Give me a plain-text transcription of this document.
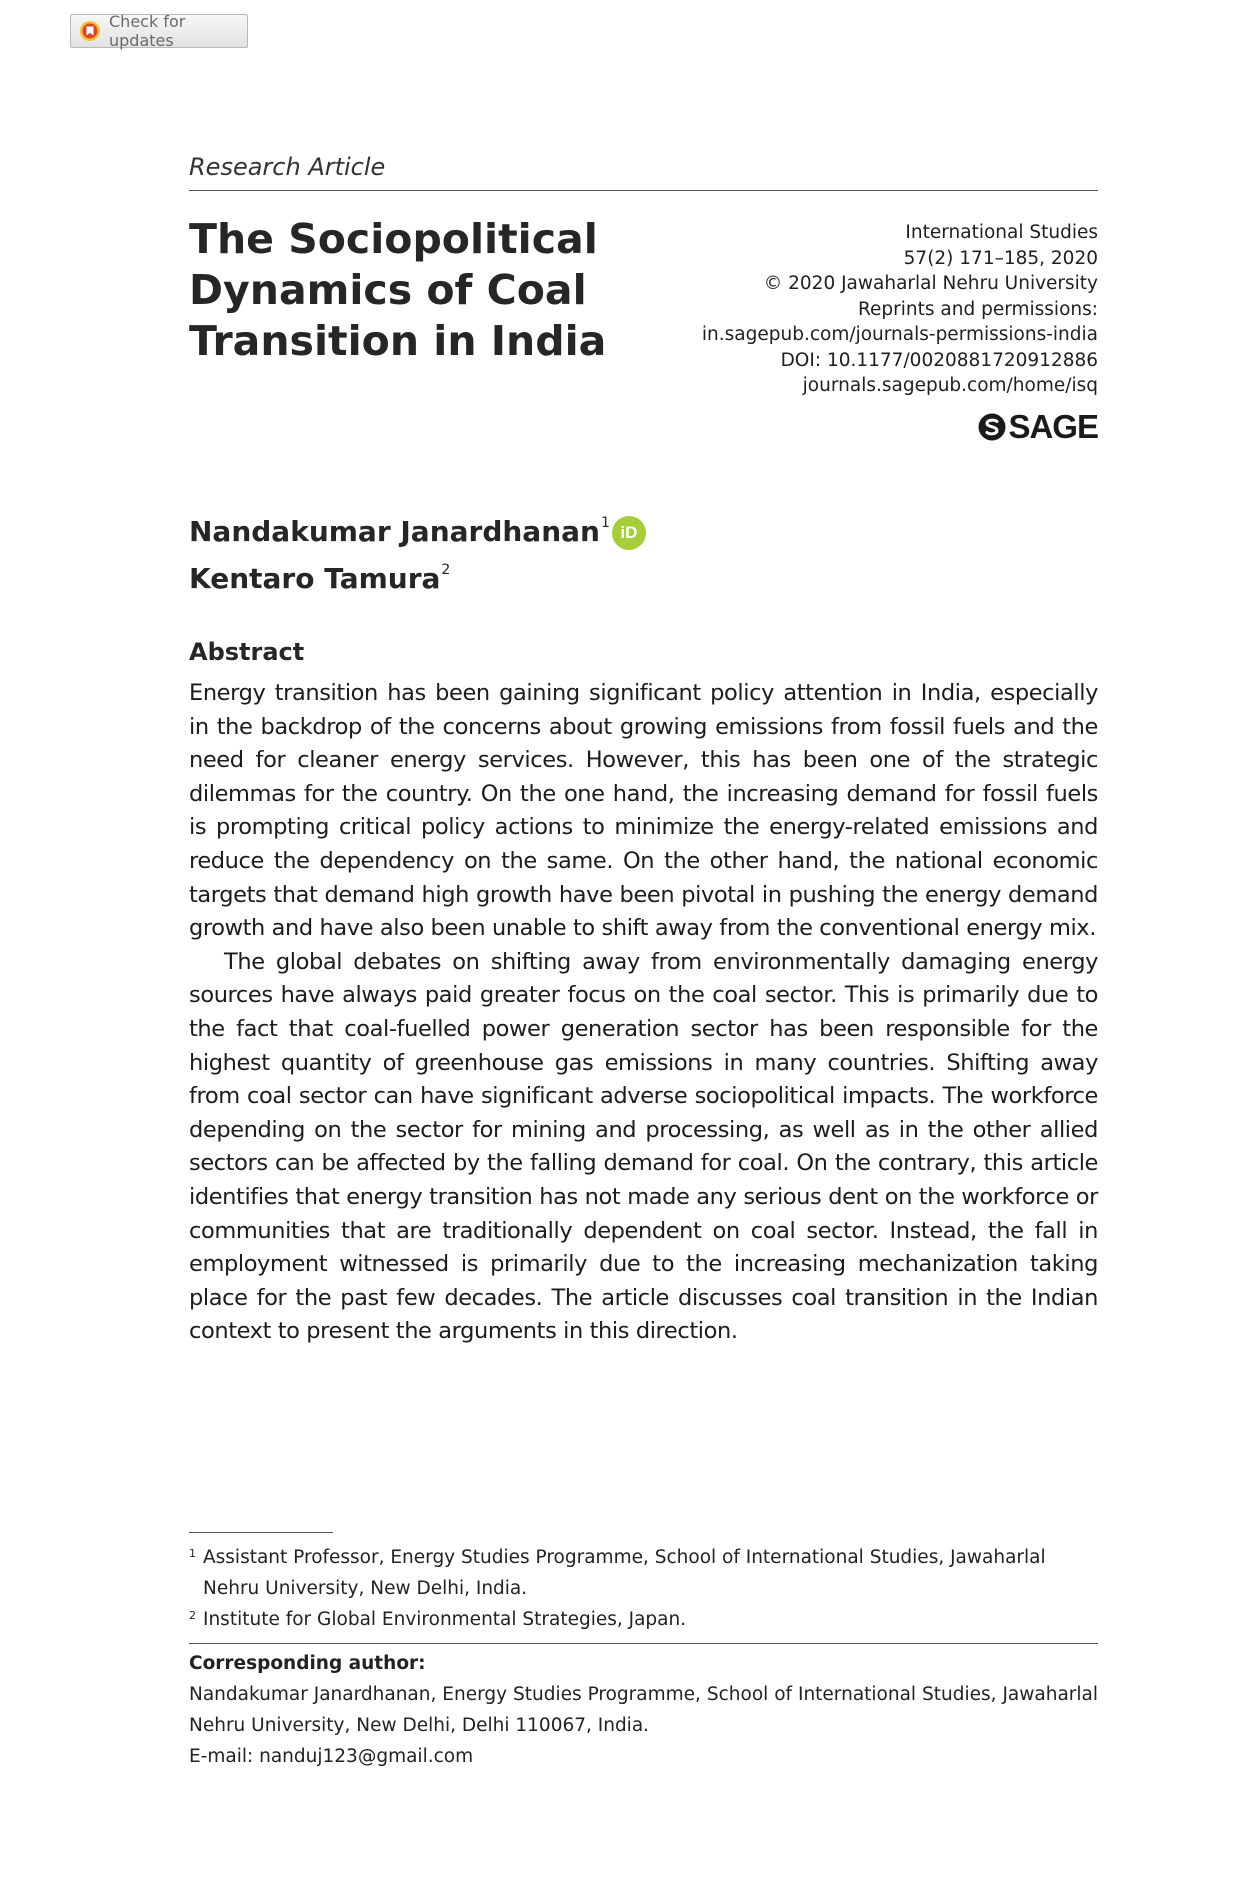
Check for updates
Research Article
The Sociopolitical
Dynamics of Coal
Transition in India
International Studies
57(2) 171–185, 2020
© 2020 Jawaharlal Nehru University
Reprints and permissions:
in.sagepub.com/journals-permissions-india
DOI: 10.1177/0020881720912886
journals.sagepub.com/home/isq
SAGE
Nandakumar Janardhanan$^1$ iD
Kentaro Tamura$^2$
Abstract

Energy transition has been gaining significant policy attention in India, especially in the backdrop of the concerns about growing emissions from fossil fuels and the need for cleaner energy services. However, this has been one of the strategic dilemmas for the country. On the one hand, the increasing demand for fossil fuels is prompting critical policy actions to minimize the energy-related emissions and reduce the dependency on the same. On the other hand, the national economic targets that demand high growth have been pivotal in pushing the energy demand growth and have also been unable to shift away from the conventional energy mix.

The global debates on shifting away from environmentally damaging energy sources have always paid greater focus on the coal sector. This is primarily due to the fact that coal-fuelled power generation sector has been responsible for the highest quantity of greenhouse gas emissions in many countries. Shifting away from coal sector can have significant adverse sociopolitical impacts. The workforce depending on the sector for mining and processing, as well as in the other allied sectors can be affected by the falling demand for coal. On the contrary, this article identifies that energy transition has not made any serious dent on the workforce or communities that are traditionally dependent on coal sector. Instead, the fall in employment witnessed is primarily due to the increasing mechanization taking place for the past few decades. The article discusses coal transition in the Indian context to present the arguments in this direction.

1 Assistant Professor, Energy Studies Programme, School of International Studies, Jawaharlal Nehru University, New Delhi, India.
2 Institute for Global Environmental Strategies, Japan.
Corresponding author:
Nandakumar Janardhanan, Energy Studies Programme, School of International Studies, Jawaharlal Nehru University, New Delhi, Delhi 110067, India.
E-mail: nanduj123@gmail.com
